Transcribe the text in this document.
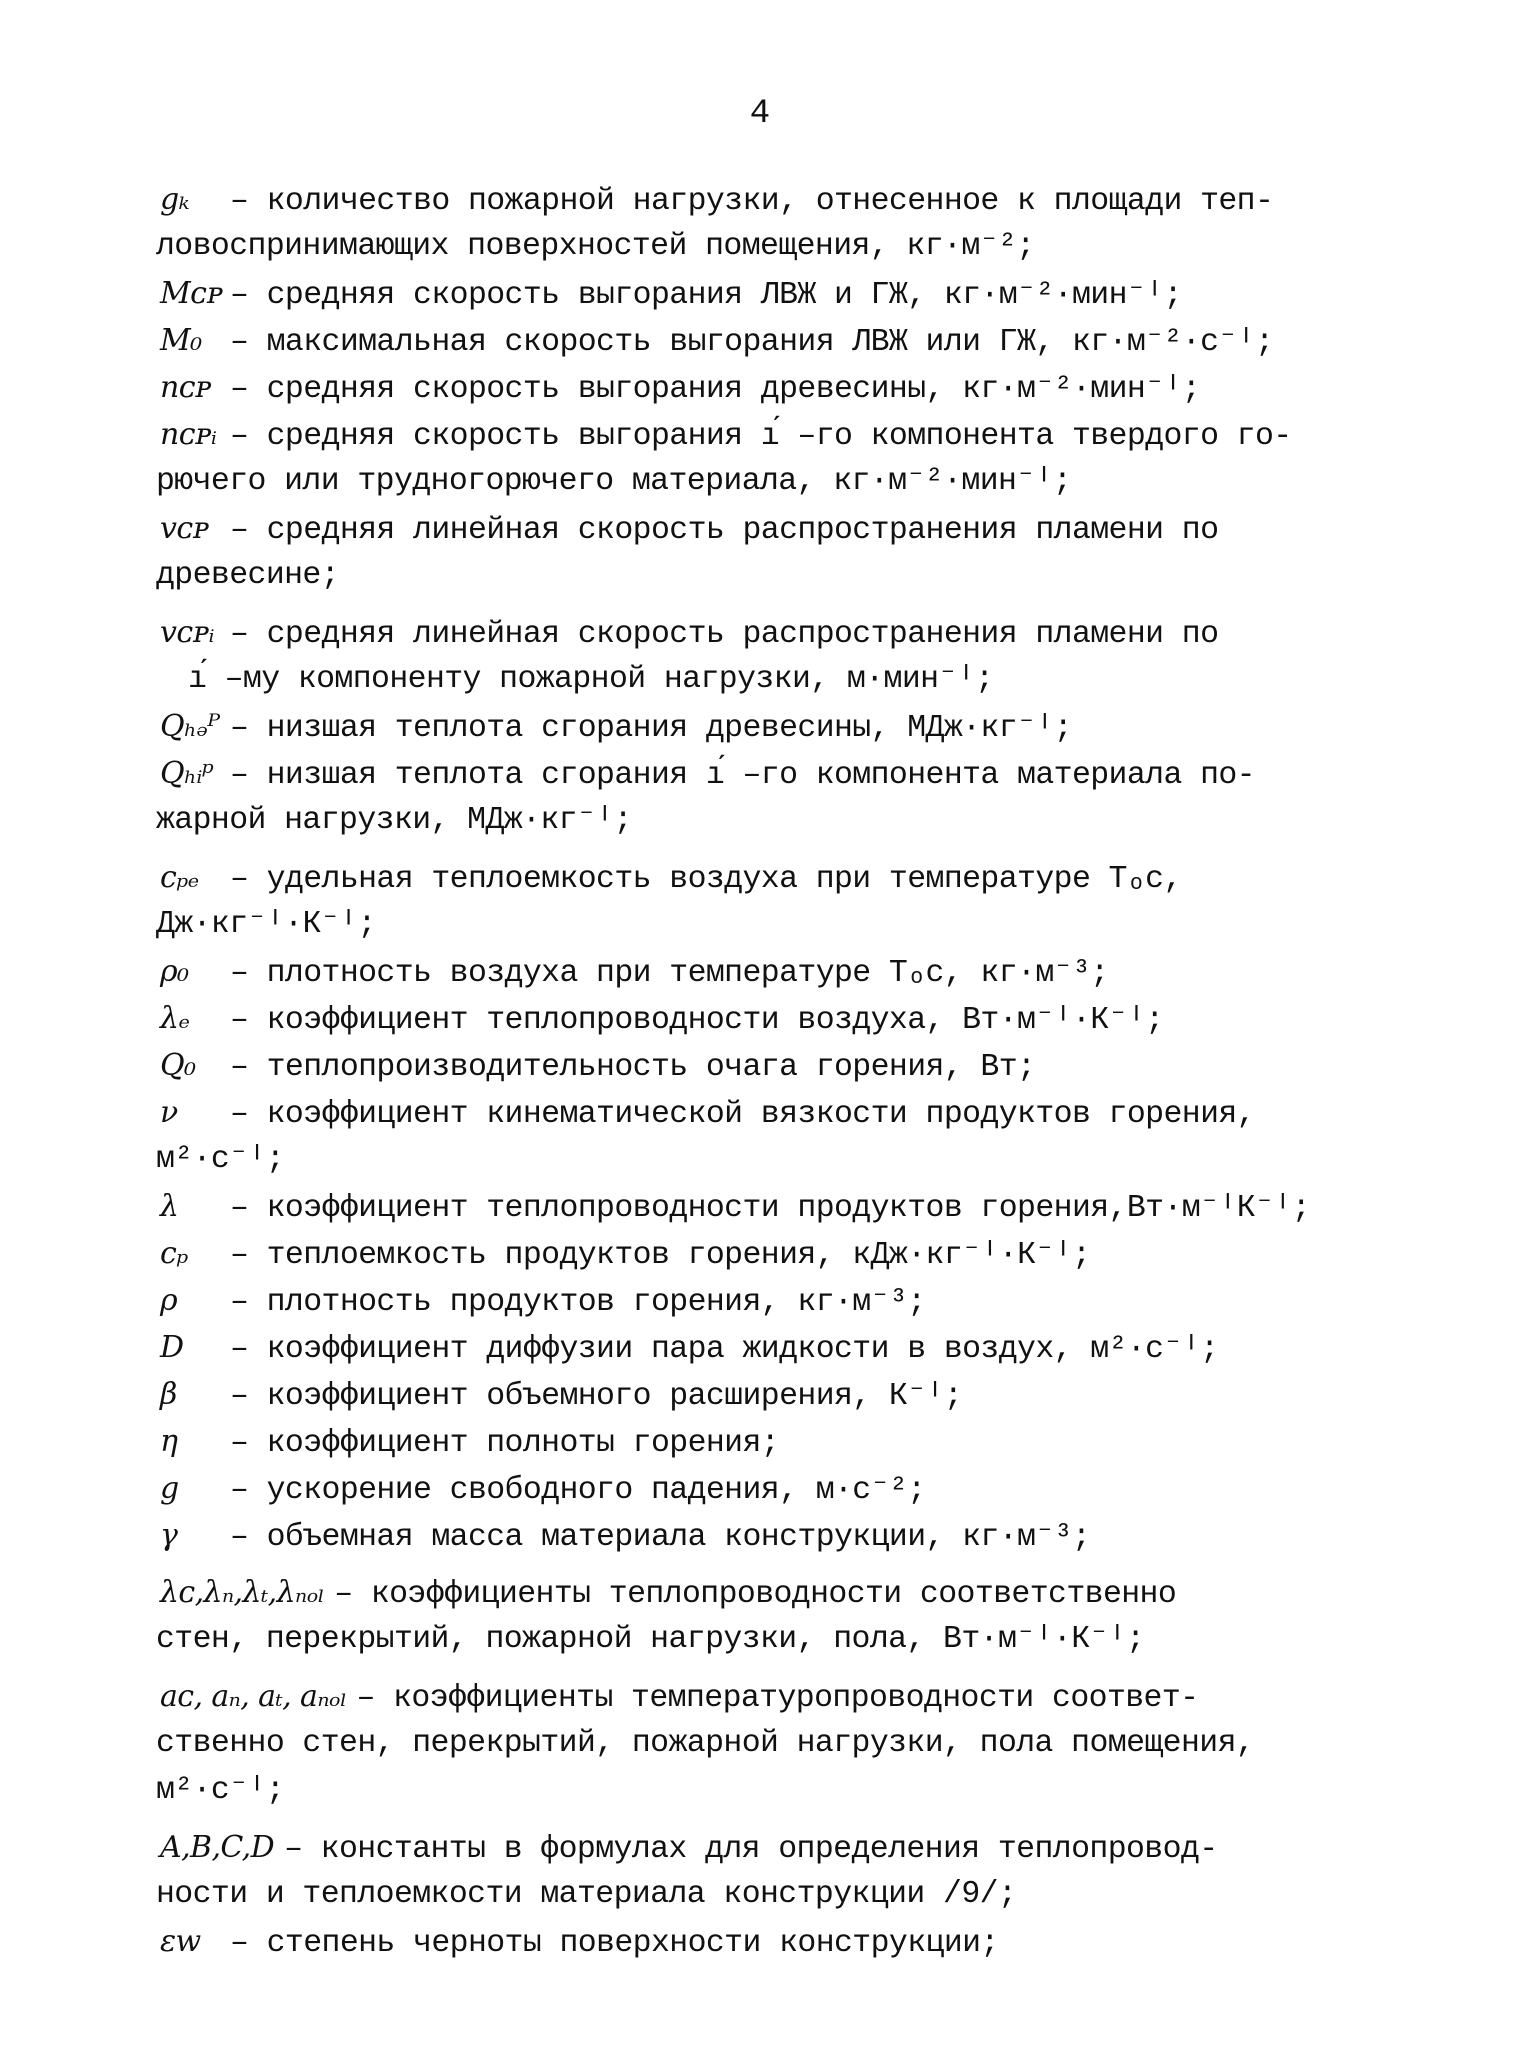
4
gₖ – количество пожарной нагрузки, отнесенное к площади теп-
ловоспринимающих поверхностей помещения, кг·м⁻²;
Mᴄᴩ – средняя скорость выгорания ЛВЖ и ГЖ, кг·м⁻²·мин⁻ᴵ;
M₀ – максимальная скорость выгорания ЛВЖ или ГЖ, кг·м⁻²·с⁻ᴵ;
nᴄᴩ – средняя скорость выгорания древесины, кг·м⁻²·мин⁻ᴵ;
nᴄᴩᵢ – средняя скорость выгорания ı́ –го компонента твердого го-
рючего или трудногорючего материала, кг·м⁻²·мин⁻ᴵ;
vᴄᴩ – средняя линейная скорость распространения пламени по
древесине;
vᴄᴩᵢ – средняя линейная скорость распространения пламени по
ı́ –му компоненту пожарной нагрузки, м·мин⁻ᴵ;
Qₕₔᴾ – низшая теплота сгорания древесины, МДж·кг⁻ᴵ;
Qₕᵢᵖ – низшая теплота сгорания ı́ –го компонента материала по-
жарной нагрузки, МДж·кг⁻ᴵ;
cₚₑ – удельная теплоемкость воздуха при температуре Tₒᴄ,
Дж·кг⁻ᴵ·К⁻ᴵ;
ρ₀ – плотность воздуха при температуре Tₒᴄ, кг·м⁻³;
λₑ – коэффициент теплопроводности воздуха, Вт·м⁻ᴵ·К⁻ᴵ;
Q₀ – теплопроизводительность очага горения, Вт;
ν – коэффициент кинематической вязкости продуктов горения,
м²·с⁻ᴵ;
λ – коэффициент теплопроводности продуктов горения,Вт·м⁻ᴵК⁻ᴵ;
cₚ – теплоемкость продуктов горения, кДж·кг⁻ᴵ·К⁻ᴵ;
ρ – плотность продуктов горения, кг·м⁻³;
D – коэффициент диффузии пара жидкости в воздух, м²·с⁻ᴵ;
β – коэффициент объемного расширения, К⁻ᴵ;
η – коэффициент полноты горения;
g – ускорение свободного падения, м·с⁻²;
γ – объемная масса материала конструкции, кг·м⁻³;
λᴄ,λₙ,λₜ,λₙₒₗ – коэффициенты теплопроводности соответственно
стен, перекрытий, пожарной нагрузки, пола, Вт·м⁻ᴵ·К⁻ᴵ;
aᴄ, aₙ, aₜ, aₙₒₗ – коэффициенты температуропроводности соответ-
ственно стен, перекрытий, пожарной нагрузки, пола помещения,
м²·с⁻ᴵ;
A,B,C,D – константы в формулах для определения теплопровод-
ности и теплоемкости материала конструкции /9/;
εw – степень черноты поверхности конструкции;
